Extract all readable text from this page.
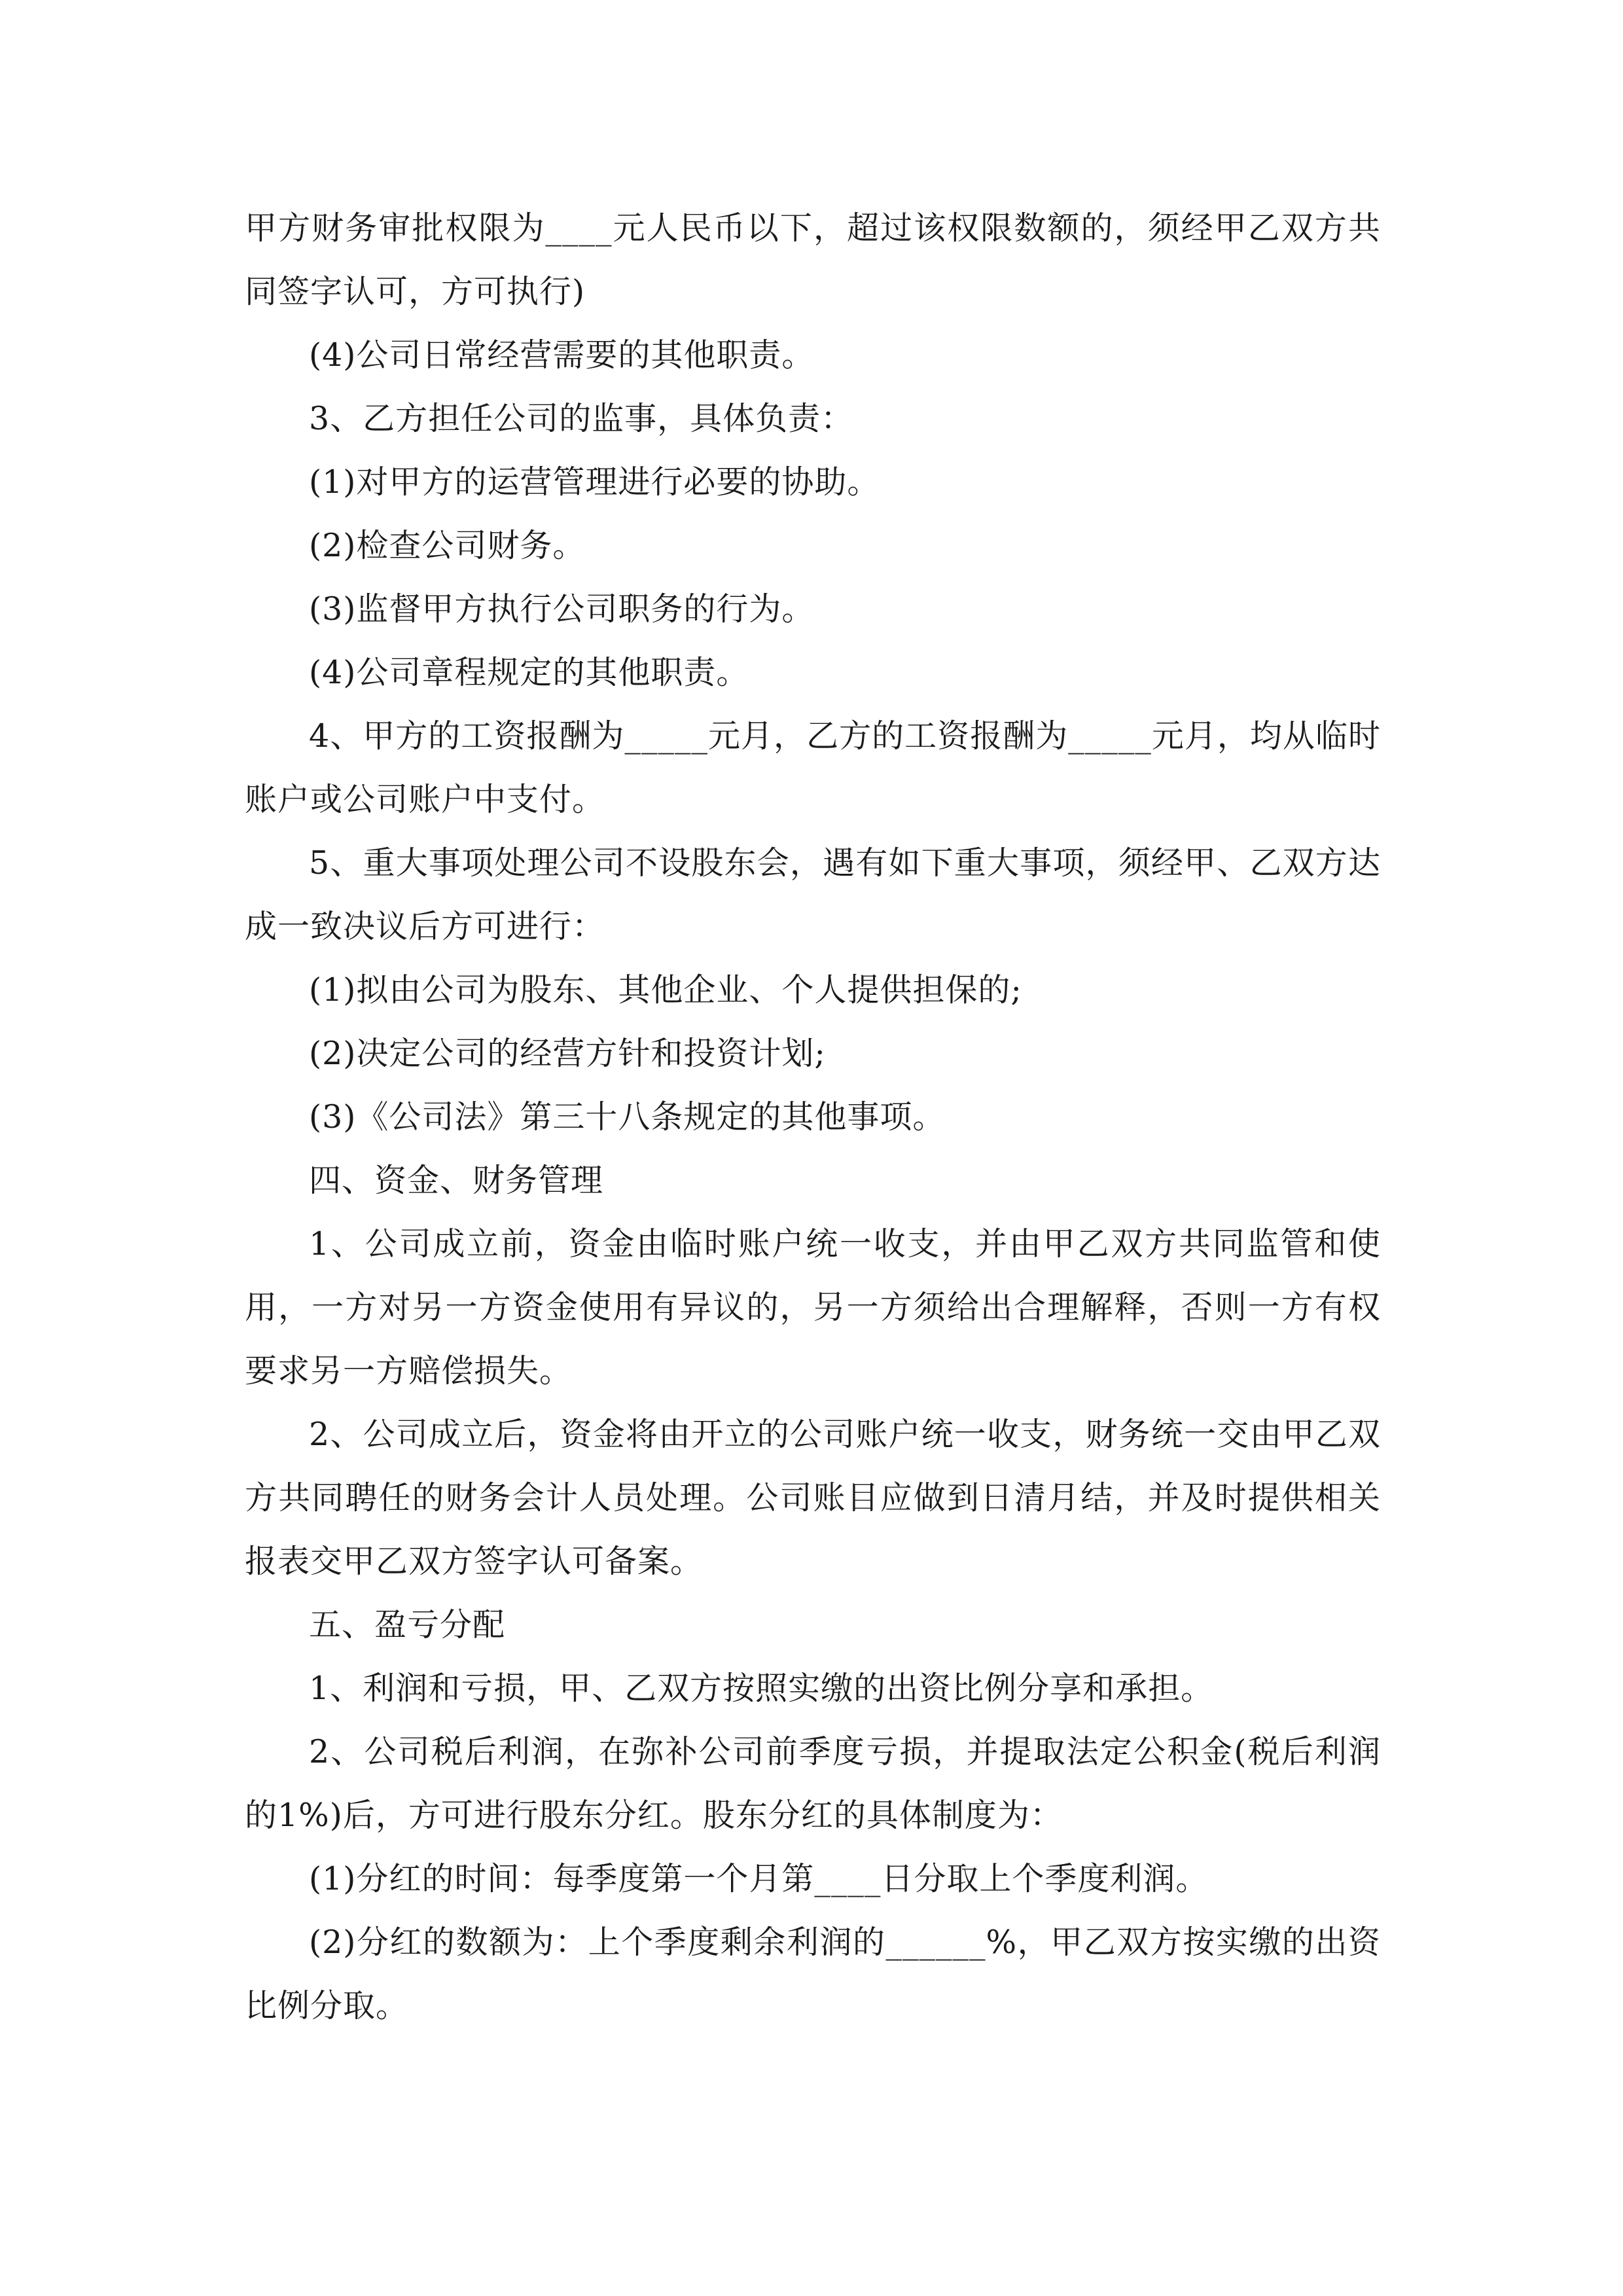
甲方财务审批权限为____元人民币以下，超过该权限数额的，须经甲乙双方共同签字认可，方可执行)

(4)公司日常经营需要的其他职责。

3、乙方担任公司的监事，具体负责：

(1)对甲方的运营管理进行必要的协助。

(2)检查公司财务。

(3)监督甲方执行公司职务的行为。

(4)公司章程规定的其他职责。

4、甲方的工资报酬为_____元月，乙方的工资报酬为_____元月，均从临时账户或公司账户中支付。

5、重大事项处理公司不设股东会，遇有如下重大事项，须经甲、乙双方达成一致决议后方可进行：

(1)拟由公司为股东、其他企业、个人提供担保的;

(2)决定公司的经营方针和投资计划;

(3)《公司法》第三十八条规定的其他事项。

四、资金、财务管理

1、公司成立前，资金由临时账户统一收支，并由甲乙双方共同监管和使用，一方对另一方资金使用有异议的，另一方须给出合理解释，否则一方有权要求另一方赔偿损失。

2、公司成立后，资金将由开立的公司账户统一收支，财务统一交由甲乙双方共同聘任的财务会计人员处理。公司账目应做到日清月结，并及时提供相关报表交甲乙双方签字认可备案。

五、盈亏分配

1、利润和亏损，甲、乙双方按照实缴的出资比例分享和承担。

2、公司税后利润，在弥补公司前季度亏损，并提取法定公积金(税后利润的1%)后，方可进行股东分红。股东分红的具体制度为：

(1)分红的时间：每季度第一个月第____日分取上个季度利润。

(2)分红的数额为：上个季度剩余利润的______%，甲乙双方按实缴的出资比例分取。
